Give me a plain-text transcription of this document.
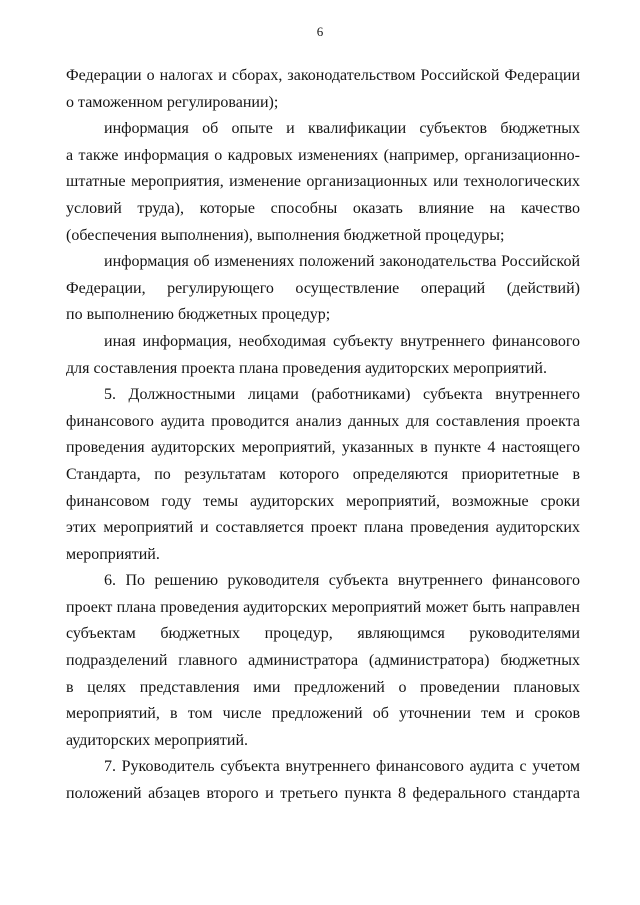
6
Федерации о налогах и сборах, законодательством Российской Федерации
о таможенном регулировании);
информация об опыте и квалификации субъектов бюджетных
а также информация о кадровых изменениях (например, организационно-
штатные мероприятия, изменение организационных или технологических
условий труда), которые способны оказать влияние на качество
(обеспечения выполнения), выполнения бюджетной процедуры;
информация об изменениях положений законодательства Российской
Федерации, регулирующего осуществление операций (действий)
по выполнению бюджетных процедур;
иная информация, необходимая субъекту внутреннего финансового
для составления проекта плана проведения аудиторских мероприятий.
5. Должностными лицами (работниками) субъекта внутреннего
финансового аудита проводится анализ данных для составления проекта
проведения аудиторских мероприятий, указанных в пункте 4 настоящего
Стандарта, по результатам которого определяются приоритетные в
финансовом году темы аудиторских мероприятий, возможные сроки
этих мероприятий и составляется проект плана проведения аудиторских
мероприятий.
6. По решению руководителя субъекта внутреннего финансового
проект плана проведения аудиторских мероприятий может быть направлен
субъектам бюджетных процедур, являющимся руководителями
подразделений главного администратора (администратора) бюджетных
в целях представления ими предложений о проведении плановых
мероприятий, в том числе предложений об уточнении тем и сроков
аудиторских мероприятий.
7. Руководитель субъекта внутреннего финансового аудита с учетом
положений абзацев второго и третьего пункта 8 федерального стандарта
